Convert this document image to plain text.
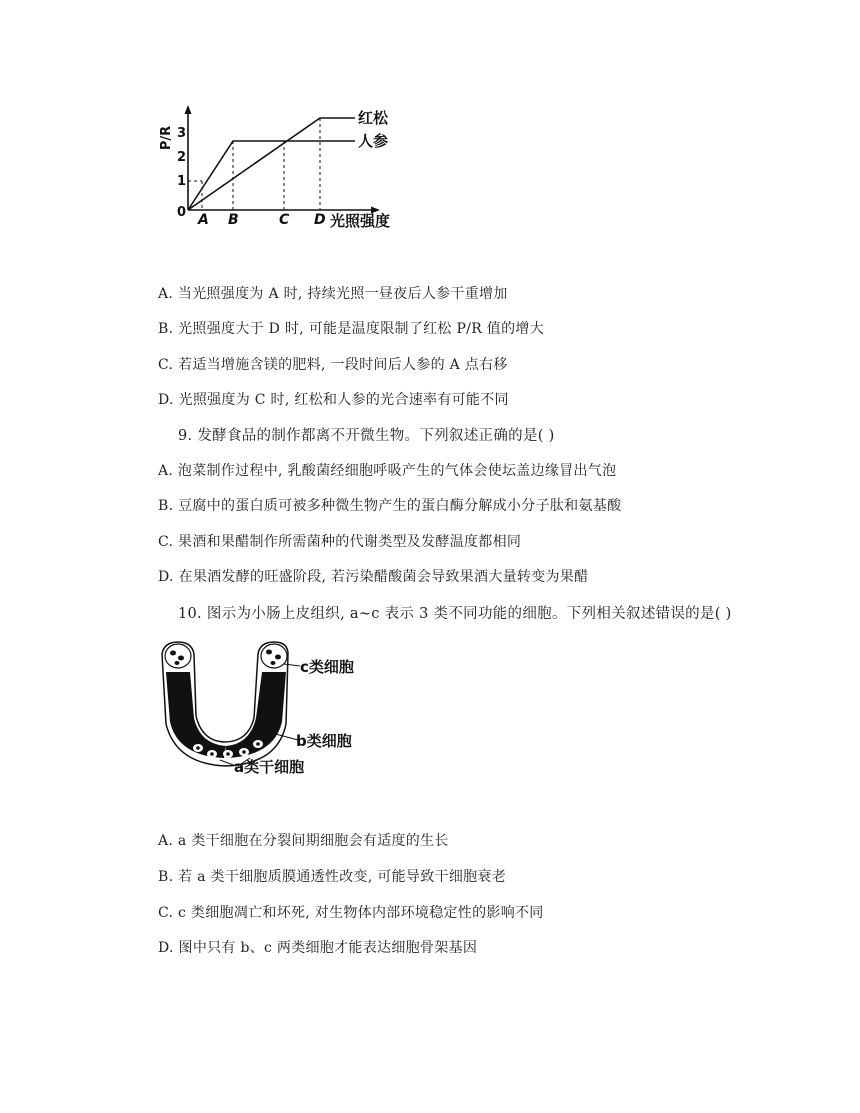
P/R 3
2
1
0
红松
人参
A B	C D 光照强度
A. 当光照强度为 A 时, 持续光照一昼夜后人参干重增加
B. 光照强度大于 D 时, 可能是温度限制了红松 P/R 值的增大
C. 若适当增施含镁的肥料, 一段时间后人参的 A 点右移
D. 光照强度为 C 时, 红松和人参的光合速率有可能不同
9. 发酵食品的制作都离不开微生物。下列叙述正确的是( )
A. 泡菜制作过程中, 乳酸菌经细胞呼吸产生的气体会使坛盖边缘冒出气泡
B. 豆腐中的蛋白质可被多种微生物产生的蛋白酶分解成小分子肽和氨基酸
C. 果酒和果醋制作所需菌种的代谢类型及发酵温度都相同
D. 在果酒发酵的旺盛阶段, 若污染醋酸菌会导致果酒大量转变为果醋
10. 图示为小肠上皮组织, a~c 表示 3 类不同功能的细胞。下列相关叙述错误的是( )
c类细胞
b类细胞
a类干细胞
A. a 类干细胞在分裂间期细胞会有适度的生长
B. 若 a 类干细胞质膜通透性改变, 可能导致干细胞衰老
C. c 类细胞凋亡和坏死, 对生物体内部环境稳定性的影响不同
D. 图中只有 b、c 两类细胞才能表达细胞骨架基因
